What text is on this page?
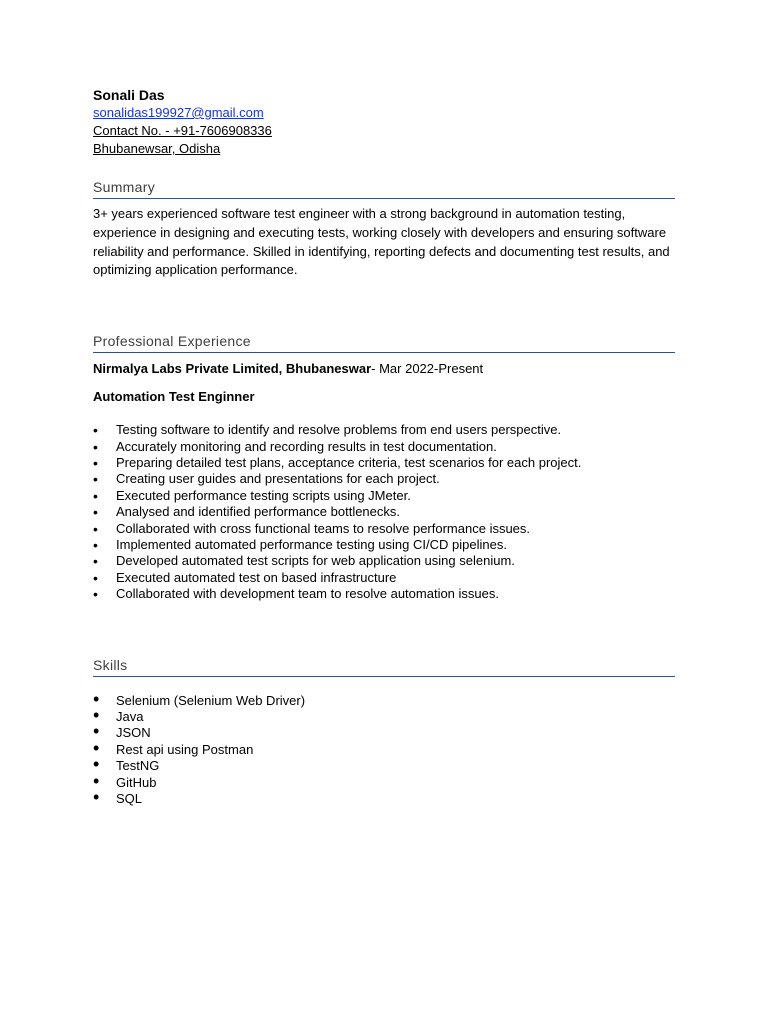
Sonali Das

sonalidas199927@gmail.com

Contact No. - +91-7606908336

Bhubanewsar, Odisha

Summary

3+ years experienced software test engineer with a strong background in automation testing, experience in designing and executing tests, working closely with developers and ensuring software reliability and performance. Skilled in identifying, reporting defects and documenting test results, and optimizing application performance.

Professional Experience

Nirmalya Labs Private Limited, Bhubaneswar- Mar 2022-Present

Automation Test Enginner

• Testing software to identify and resolve problems from end users perspective.
• Accurately monitoring and recording results in test documentation.
• Preparing detailed test plans, acceptance criteria, test scenarios for each project.
• Creating user guides and presentations for each project.
• Executed performance testing scripts using JMeter.
• Analysed and identified performance bottlenecks.
• Collaborated with cross functional teams to resolve performance issues.
• Implemented automated performance testing using CI/CD pipelines.
• Developed automated test scripts for web application using selenium.
• Executed automated test on based infrastructure
• Collaborated with development team to resolve automation issues.

Skills

• Selenium (Selenium Web Driver)
• Java
• JSON
• Rest api using Postman
• TestNG
• GitHub
• SQL
